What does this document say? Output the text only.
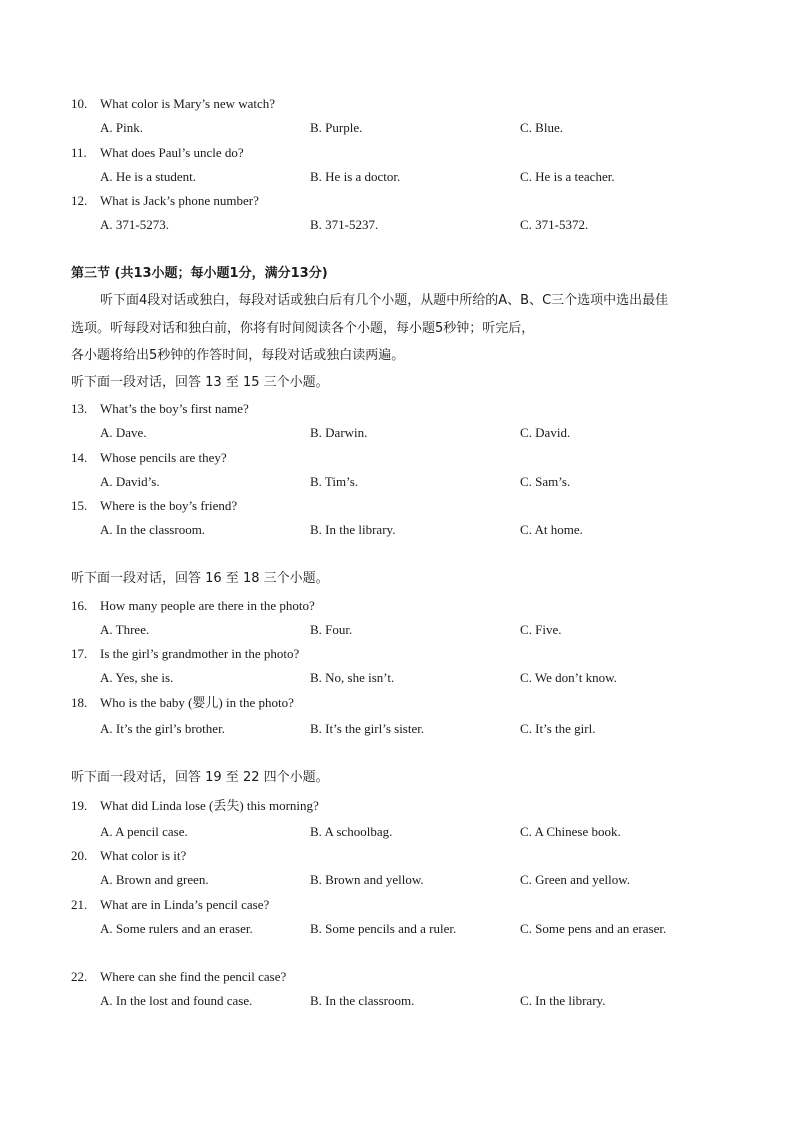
10. What color is Mary’s new watch?
A. Pink.	B. Purple.	C. Blue.
11. What does Paul’s uncle do?
A. He is a student.	B. He is a doctor.	C. He is a teacher.
12. What is Jack’s phone number?
A. 371-5273.	B. 371-5237.	C. 371-5372.
第三节 (共13小题；每小题1分，满分13分)
听下面4段对话或独白，每段对话或独白后有几个小题，从题中所给的A、B、C三个选项中选出最佳
选项。听每段对话和独白前，你将有时间阅读各个小题，每小题5秒钟；听完后，
各小题将给出5秒钟的作答时间，每段对话或独白读两遍。
听下面一段对话，回答 13 至 15 三个小题。
13. What’s the boy’s first name?
A. Dave.	B. Darwin.	C. David.
14. Whose pencils are they?
A. David’s.	B. Tim’s.	C. Sam’s.
15. Where is the boy’s friend?
A. In the classroom.	B. In the library.	C. At home.
听下面一段对话，回答 16 至 18 三个小题。
16. How many people are there in the photo?
A. Three.	B. Four.	C. Five.
17. Is the girl’s grandmother in the photo?
A. Yes, she is.	B. No, she isn’t.	C. We don’t know.
18. Who is the baby (婴儿) in the photo?
A. It’s the girl’s brother.	B. It’s the girl’s sister.	C. It’s the girl.
听下面一段对话，回答 19 至 22 四个小题。
19. What did Linda lose (丢失) this morning?
A. A pencil case.	B. A schoolbag.	C. A Chinese book.
20. What color is it?
A. Brown and green.	B. Brown and yellow.	C. Green and yellow.
21. What are in Linda’s pencil case?
A. Some rulers and an eraser.	B. Some pencils and a ruler.	C. Some pens and an eraser.
22. Where can she find the pencil case?
A. In the lost and found case.	B. In the classroom.	C. In the library.
